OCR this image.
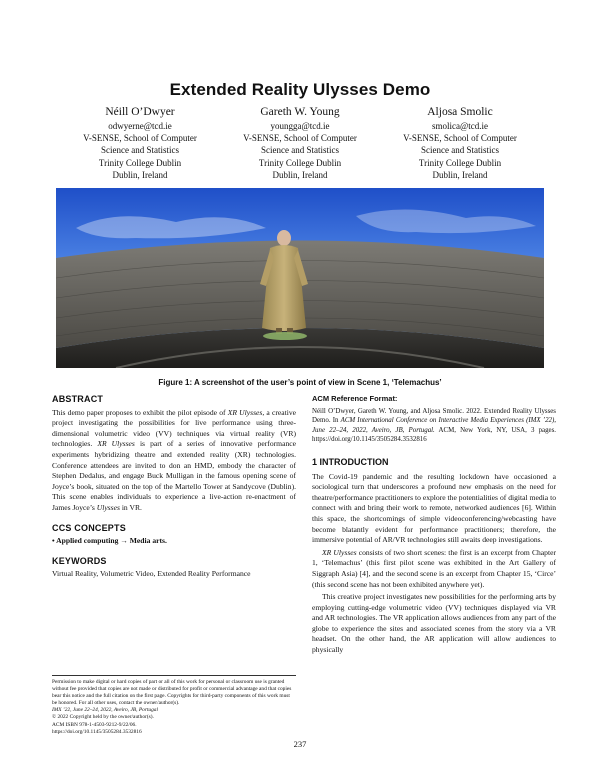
Extended Reality Ulysses Demo
Néill O’Dwyer
odwyerne@tcd.ie
V-SENSE, School of Computer
Science and Statistics
Trinity College Dublin
Dublin, Ireland
Gareth W. Young
youngga@tcd.ie
V-SENSE, School of Computer
Science and Statistics
Trinity College Dublin
Dublin, Ireland
Aljosa Smolic
smolica@tcd.ie
V-SENSE, School of Computer
Science and Statistics
Trinity College Dublin
Dublin, Ireland
Figure 1: A screenshot of the user’s point of view in Scene 1, ‘Telemachus’
ABSTRACT

This demo paper proposes to exhibit the pilot episode of XR Ulysses, a creative project investigating the possibilities for live performance using three-dimensional volumetric video (VV) techniques via virtual reality (VR) technologies. XR Ulysses is part of a series of innovative performance experiments hybridizing theatre and extended reality (XR) technologies. Conference attendees are invited to don an HMD, embody the character of Stephen Dedalus, and engage Buck Mulligan in the famous opening scene of Joyce’s book, situated on the top of the Martello Tower at Sandycove (Dublin). This scene enables individuals to experience a live-action re-enactment of James Joyce’s Ulysses in VR.

CCS CONCEPTS

• Applied computing → Media arts.

KEYWORDS

Virtual Reality, Volumetric Video, Extended Reality Performance

ACM Reference Format:

Néill O’Dwyer, Gareth W. Young, and Aljosa Smolic. 2022. Extended Reality Ulysses Demo. In ACM International Conference on Interactive Media Experiences (IMX ’22), June 22–24, 2022, Aveiro, JB, Portugal. ACM, New York, NY, USA, 3 pages. https://doi.org/10.1145/3505284.3532816

1 INTRODUCTION

The Covid-19 pandemic and the resulting lockdown have occasioned a sociological turn that underscores a profound new emphasis on the need for theatre/performance practitioners to explore the potentialities of digital media to connect with and bring their work to remote, networked audiences [6]. Within this space, the shortcomings of simple videoconferencing/webcasting have become blatantly evident for performance practitioners; therefore, the immersive potential of AR/VR technologies still awaits deep investigations.

XR Ulysses consists of two short scenes: the first is an excerpt from Chapter 1, ‘Telemachus’ (this first pilot scene was exhibited in the Art Gallery of Siggraph Asia) [4], and the second scene is an excerpt from Chapter 15, ‘Circe’ (this second scene has not been exhibited anywhere yet).

This creative project investigates new possibilities for the performing arts by employing cutting-edge volumetric video (VV) techniques displayed via VR and AR technologies. The VR application allows audiences from any part of the globe to experience the sites and associated scenes from the story via a VR headset. On the other hand, the AR application will allow audiences to physically

Permission to make digital or hard copies of part or all of this work for personal or classroom use is granted without fee provided that copies are not made or distributed for profit or commercial advantage and that copies bear this notice and the full citation on the first page. Copyrights for third-party components of this work must be honored. For all other uses, contact the owner/author(s).

IMX ’22, June 22–24, 2022, Aveiro, JB, Portugal

© 2022 Copyright held by the owner/author(s).

ACM ISBN 978-1-4503-9212-9/22/06.

https://doi.org/10.1145/3505284.3532816

237
